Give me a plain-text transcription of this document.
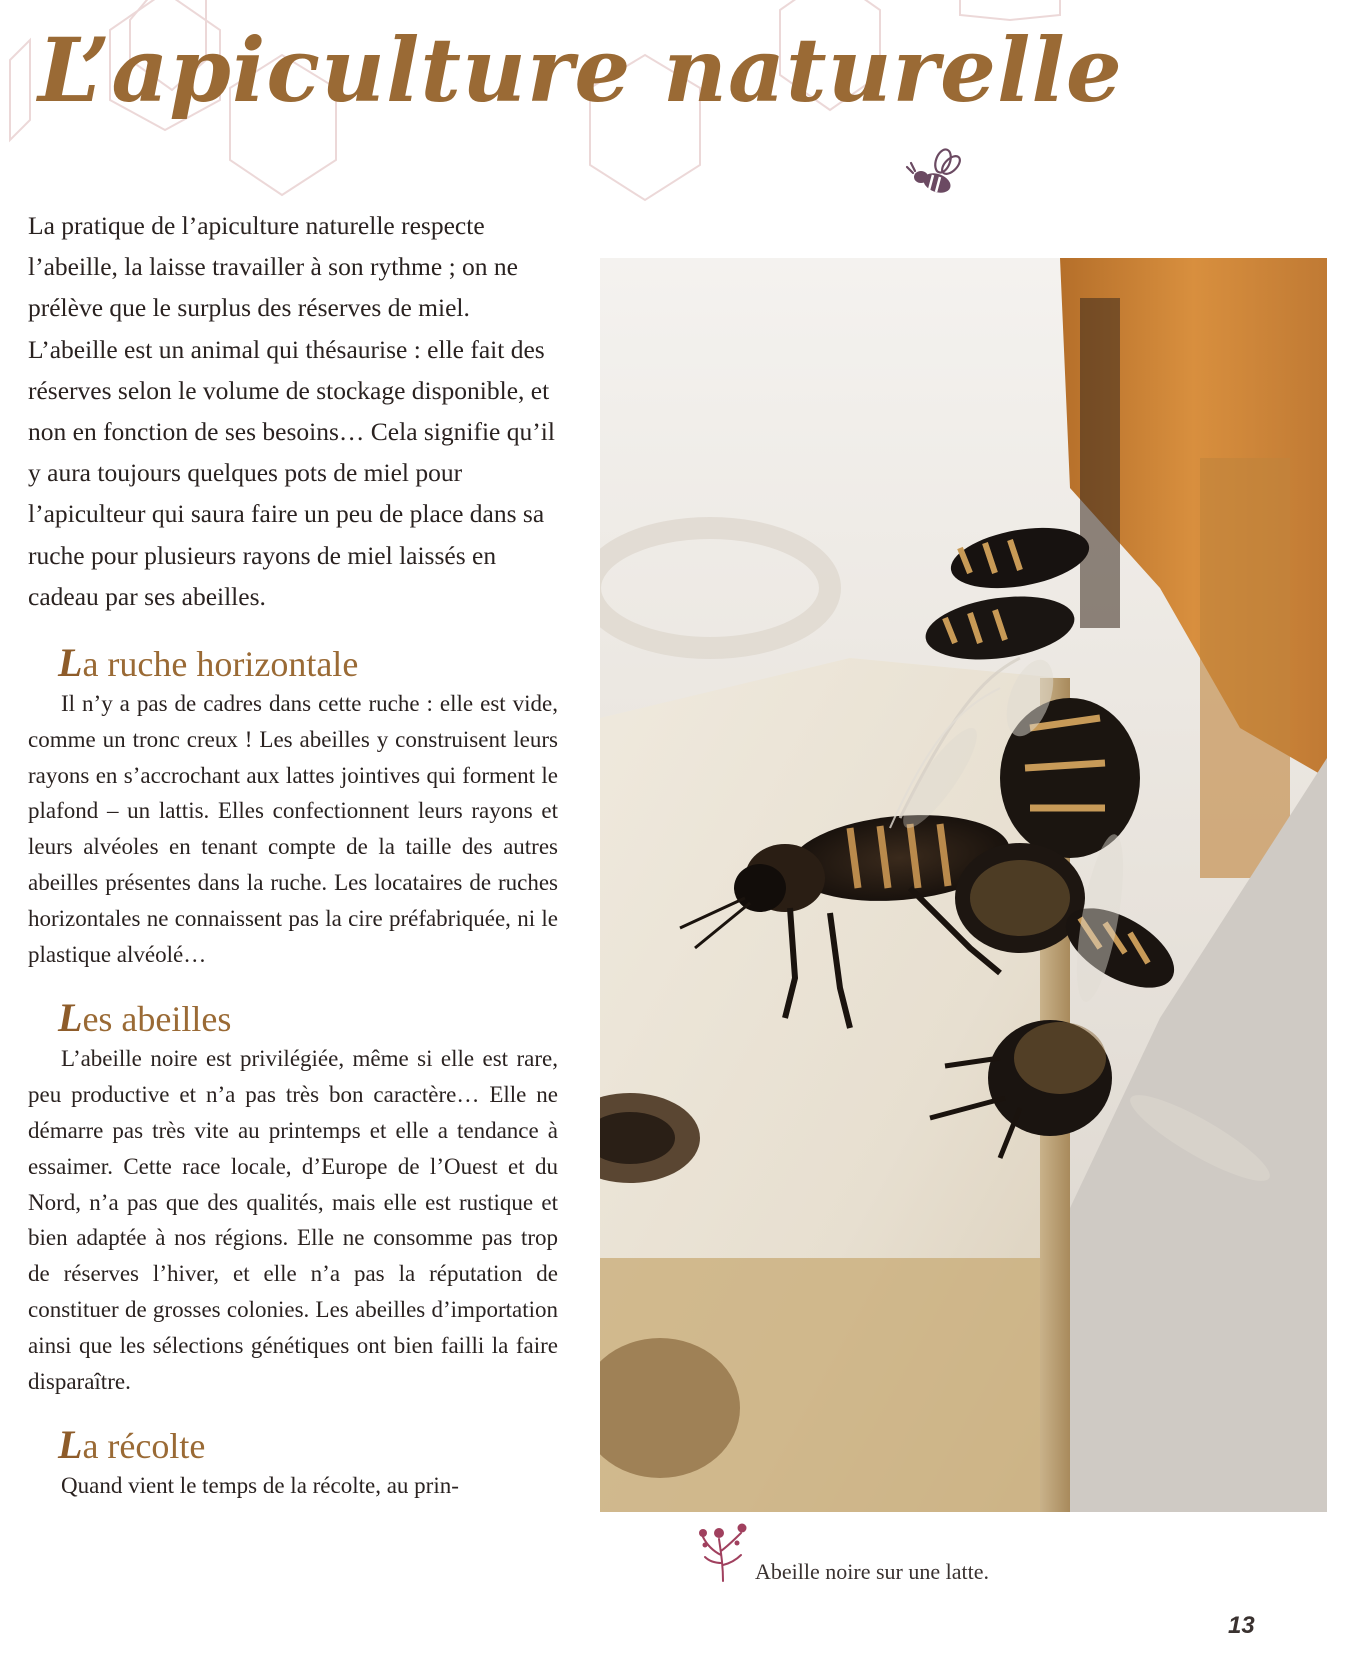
L’apiculture naturelle

La pratique de l’apiculture naturelle respecte l’abeille, la laisse travailler à son rythme ; on ne prélève que le surplus des réserves de miel. L’abeille est un animal qui thésaurise : elle fait des réserves selon le volume de stockage disponible, et non en fonction de ses besoins… Cela signifie qu’il y aura toujours quelques pots de miel pour l’apiculteur qui saura faire un peu de place dans sa ruche pour plusieurs rayons de miel laissés en cadeau par ses abeilles.

La ruche horizontale

Il n’y a pas de cadres dans cette ruche : elle est vide, comme un tronc creux ! Les abeilles y construisent leurs rayons en s’accrochant aux lattes jointives qui forment le plafond – un lattis. Elles confectionnent leurs rayons et leurs alvéoles en tenant compte de la taille des autres abeilles présentes dans la ruche. Les locataires de ruches horizontales ne connaissent pas la cire préfabriquée, ni le plastique alvéolé…

Les abeilles

L’abeille noire est privilégiée, même si elle est rare, peu productive et n’a pas très bon caractère… Elle ne démarre pas très vite au printemps et elle a tendance à essaimer. Cette race locale, d’Europe de l’Ouest et du Nord, n’a pas que des qualités, mais elle est rustique et bien adaptée à nos régions. Elle ne consomme pas trop de réserves l’hiver, et elle n’a pas la réputation de constituer de grosses colonies. Les abeilles d’importation ainsi que les sélections génétiques ont bien failli la faire disparaître.

La récolte

Quand vient le temps de la récolte, au prin-

Abeille noire sur une latte.

13
